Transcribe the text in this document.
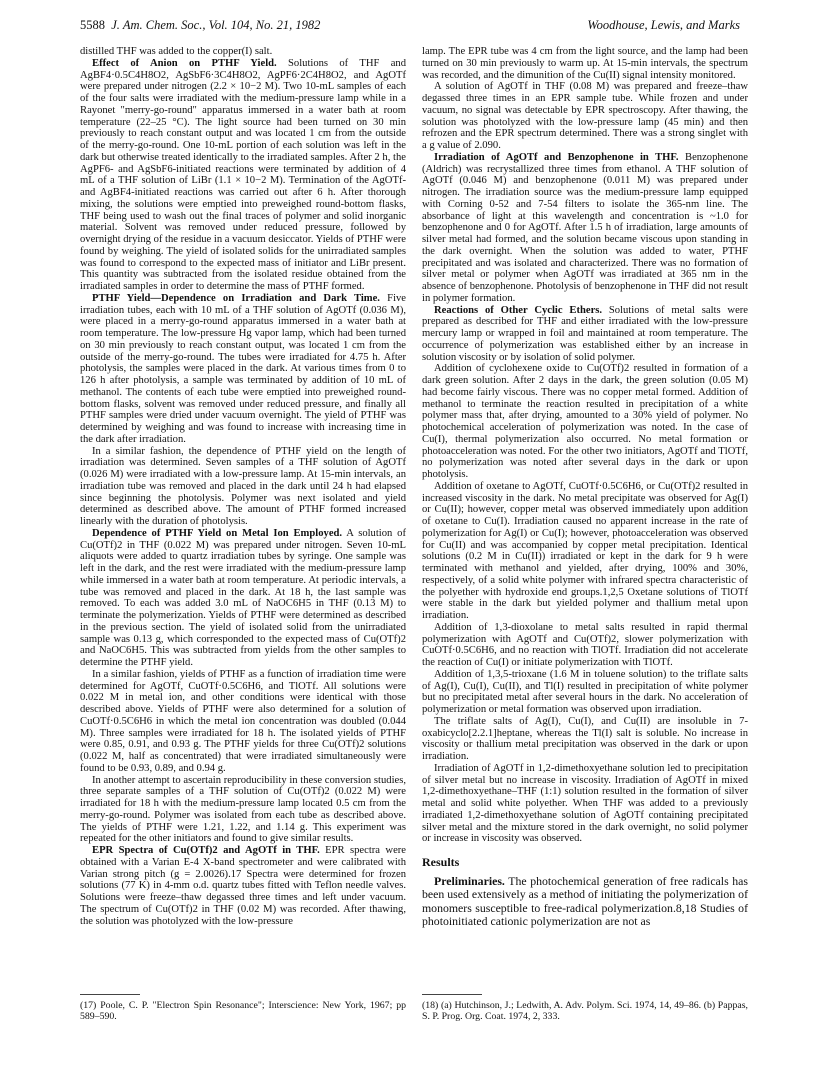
5588 J. Am. Chem. Soc., Vol. 104, No. 21, 1982	Woodhouse, Lewis, and Marks

distilled THF was added to the copper(I) salt.

Effect of Anion on PTHF Yield. Solutions of THF and AgBF4·0.5C4H8O2, AgSbF6·3C4H8O2, AgPF6·2C4H8O2, and AgOTf were prepared under nitrogen (2.2 × 10−2 M). Two 10-mL samples of each of the four salts were irradiated with the medium-pressure lamp while in a Rayonet "merry-go-round" apparatus immersed in a water bath at room temperature (22–25 °C). The light source had been turned on 30 min previously to reach constant output and was located 1 cm from the outside of the merry-go-round. One 10-mL portion of each solution was left in the dark but otherwise treated identically to the irradiated samples. After 2 h, the AgPF6- and AgSbF6-initiated reactions were terminated by addition of 4 mL of a THF solution of LiBr (1.1 × 10−2 M). Termination of the AgOTf- and AgBF4-initiated reactions was carried out after 6 h. After thorough mixing, the solutions were emptied into preweighed round-bottom flasks, THF being used to wash out the final traces of polymer and solid inorganic material. Solvent was removed under reduced pressure, followed by overnight drying of the residue in a vacuum desiccator. Yields of PTHF were found by weighing. The yield of isolated solids for the unirradiated samples was found to correspond to the expected mass of initiator and LiBr present. This quantity was subtracted from the isolated residue obtained from the irradiated samples in order to determine the mass of PTHF formed.

PTHF Yield—Dependence on Irradiation and Dark Time. Five irradiation tubes, each with 10 mL of a THF solution of AgOTf (0.036 M), were placed in a merry-go-round apparatus immersed in a water bath at room temperature. The low-pressure Hg vapor lamp, which had been turned on 30 min previously to reach constant output, was located 1 cm from the outside of the merry-go-round. The tubes were irradiated for 4.75 h. After photolysis, the samples were placed in the dark. At various times from 0 to 126 h after photolysis, a sample was terminated by addition of 10 mL of methanol. The contents of each tube were emptied into preweighed round-bottom flasks, solvent was removed under reduced pressure, and finally all PTHF samples were dried under vacuum overnight. The yield of PTHF was determined by weighing and was found to increase with increasing time in the dark after irradiation.

In a similar fashion, the dependence of PTHF yield on the length of irradiation was determined. Seven samples of a THF solution of AgOTf (0.026 M) were irradiated with a low-pressure lamp. At 15-min intervals, an irradiation tube was removed and placed in the dark until 24 h had elapsed since beginning the photolysis. Polymer was next isolated and yield determined as described above. The amount of PTHF formed increased linearly with the duration of photolysis.

Dependence of PTHF Yield on Metal Ion Employed. A solution of Cu(OTf)2 in THF (0.022 M) was prepared under nitrogen. Seven 10-mL aliquots were added to quartz irradiation tubes by syringe. One sample was left in the dark, and the rest were irradiated with the medium-pressure lamp while immersed in a water bath at room temperature. At periodic intervals, a tube was removed and placed in the dark. At 18 h, the last sample was removed. To each was added 3.0 mL of NaOC6H5 in THF (0.13 M) to terminate the polymerization. Yields of PTHF were determined as described in the previous section. The yield of isolated solid from the unirradiated sample was 0.13 g, which corresponded to the expected mass of Cu(OTf)2 and NaOC6H5. This was subtracted from yields from the other samples to determine the PTHF yield.

In a similar fashion, yields of PTHF as a function of irradiation time were determined for AgOTf, CuOTf·0.5C6H6, and TlOTf. All solutions were 0.022 M in metal ion, and other conditions were identical with those described above. Yields of PTHF were also determined for a solution of CuOTf·0.5C6H6 in which the metal ion concentration was doubled (0.044 M). Three samples were irradiated for 18 h. The isolated yields of PTHF were 0.85, 0.91, and 0.93 g. The PTHF yields for three Cu(OTf)2 solutions (0.022 M, half as concentrated) that were irradiated simultaneously were found to be 0.93, 0.89, and 0.94 g.

In another attempt to ascertain reproducibility in these conversion studies, three separate samples of a THF solution of Cu(OTf)2 (0.022 M) were irradiated for 18 h with the medium-pressure lamp located 0.5 cm from the merry-go-round. Polymer was isolated from each tube as described above. The yields of PTHF were 1.21, 1.22, and 1.14 g. This experiment was repeated for the other initiators and found to give similar results.

EPR Spectra of Cu(OTf)2 and AgOTf in THF. EPR spectra were obtained with a Varian E-4 X-band spectrometer and were calibrated with Varian strong pitch (g = 2.0026).17 Spectra were determined for frozen solutions (77 K) in 4-mm o.d. quartz tubes fitted with Teflon needle valves. Solutions were freeze–thaw degassed three times and left under vacuum. The spectrum of Cu(OTf)2 in THF (0.02 M) was recorded. After thawing, the solution was photolyzed with the low-pressure

lamp. The EPR tube was 4 cm from the light source, and the lamp had been turned on 30 min previously to warm up. At 15-min intervals, the spectrum was recorded, and the dimunition of the Cu(II) signal intensity monitored.

A solution of AgOTf in THF (0.08 M) was prepared and freeze–thaw degassed three times in an EPR sample tube. While frozen and under vacuum, no signal was detectable by EPR spectroscopy. After thawing, the solution was photolyzed with the low-pressure lamp (45 min) and then refrozen and the EPR spectrum determined. There was a strong singlet with a g value of 2.090.

Irradiation of AgOTf and Benzophenone in THF. Benzophenone (Aldrich) was recrystallized three times from ethanol. A THF solution of AgOTf (0.046 M) and benzophenone (0.011 M) was prepared under nitrogen. The irradiation source was the medium-pressure lamp equipped with Corning 0-52 and 7-54 filters to isolate the 365-nm line. The absorbance of light at this wavelength and concentration is ~1.0 for benzophenone and 0 for AgOTf. After 1.5 h of irradiation, large amounts of silver metal had formed, and the solution became viscous upon standing in the dark overnight. When the solution was added to water, PTHF precipitated and was isolated and characterized. There was no formation of silver metal or polymer when AgOTf was irradiated at 365 nm in the absence of benzophenone. Photolysis of benzophenone in THF did not result in polymer formation.

Reactions of Other Cyclic Ethers. Solutions of metal salts were prepared as described for THF and either irradiated with the low-pressure mercury lamp or wrapped in foil and maintained at room temperature. The occurrence of polymerization was established either by an increase in solution viscosity or by isolation of solid polymer.

Addition of cyclohexene oxide to Cu(OTf)2 resulted in formation of a dark green solution. After 2 days in the dark, the green solution (0.05 M) had become fairly viscous. There was no copper metal formed. Addition of methanol to terminate the reaction resulted in precipitation of a white polymer mass that, after drying, amounted to a 30% yield of polymer. No photochemical acceleration of polymerization was noted. In the case of Cu(I), thermal polymerization also occurred. No metal formation or photoacceleration was noted. For the other two initiators, AgOTf and TlOTf, no polymerization was noted after several days in the dark or upon photolysis.

Addition of oxetane to AgOTf, CuOTf·0.5C6H6, or Cu(OTf)2 resulted in increased viscosity in the dark. No metal precipitate was observed for Ag(I) or Cu(II); however, copper metal was observed immediately upon addition of oxetane to Cu(I). Irradiation caused no apparent increase in the rate of polymerization for Ag(I) or Cu(I); however, photoacceleration was observed for Cu(II) and was accompanied by copper metal precipitation. Identical solutions (0.2 M in Cu(II)) irradiated or kept in the dark for 9 h were terminated with methanol and yielded, after drying, 100% and 30%, respectively, of a solid white polymer with infrared spectra characteristic of the polyether with hydroxide end groups.1,2,5 Oxetane solutions of TlOTf were stable in the dark but yielded polymer and thallium metal upon irradiation.

Addition of 1,3-dioxolane to metal salts resulted in rapid thermal polymerization with AgOTf and Cu(OTf)2, slower polymerization with CuOTf·0.5C6H6, and no reaction with TlOTf. Irradiation did not accelerate the reaction of Cu(I) or initiate polymerization with TlOTf.

Addition of 1,3,5-trioxane (1.6 M in toluene solution) to the triflate salts of Ag(I), Cu(I), Cu(II), and Tl(I) resulted in precipitation of white polymer but no precipitated metal after several hours in the dark. No acceleration of polymerization or metal formation was observed upon irradiation.

The triflate salts of Ag(I), Cu(I), and Cu(II) are insoluble in 7-oxabicyclo[2.2.1]heptane, whereas the Tl(I) salt is soluble. No increase in viscosity or thallium metal precipitation was observed in the dark or upon irradiation.

Irradiation of AgOTf in 1,2-dimethoxyethane solution led to precipitation of silver metal but no increase in viscosity. Irradiation of AgOTf in mixed 1,2-dimethoxyethane–THF (1:1) solution resulted in the formation of silver metal and solid white polyether. When THF was added to a previously irradiated 1,2-dimethoxyethane solution of AgOTf containing precipitated silver metal and the mixture stored in the dark overnight, no solid polymer or increase in viscosity was observed.

Results

Preliminaries. The photochemical generation of free radicals has been used extensively as a method of initiating the polymerization of monomers susceptible to free-radical polymerization.8,18 Studies of photoinitiated cationic polymerization are not as

(17) Poole, C. P. "Electron Spin Resonance"; Interscience: New York, 1967; pp 589–590.
(18) (a) Hutchinson, J.; Ledwith, A. Adv. Polym. Sci. 1974, 14, 49–86. (b) Pappas, S. P. Prog. Org. Coat. 1974, 2, 333.
